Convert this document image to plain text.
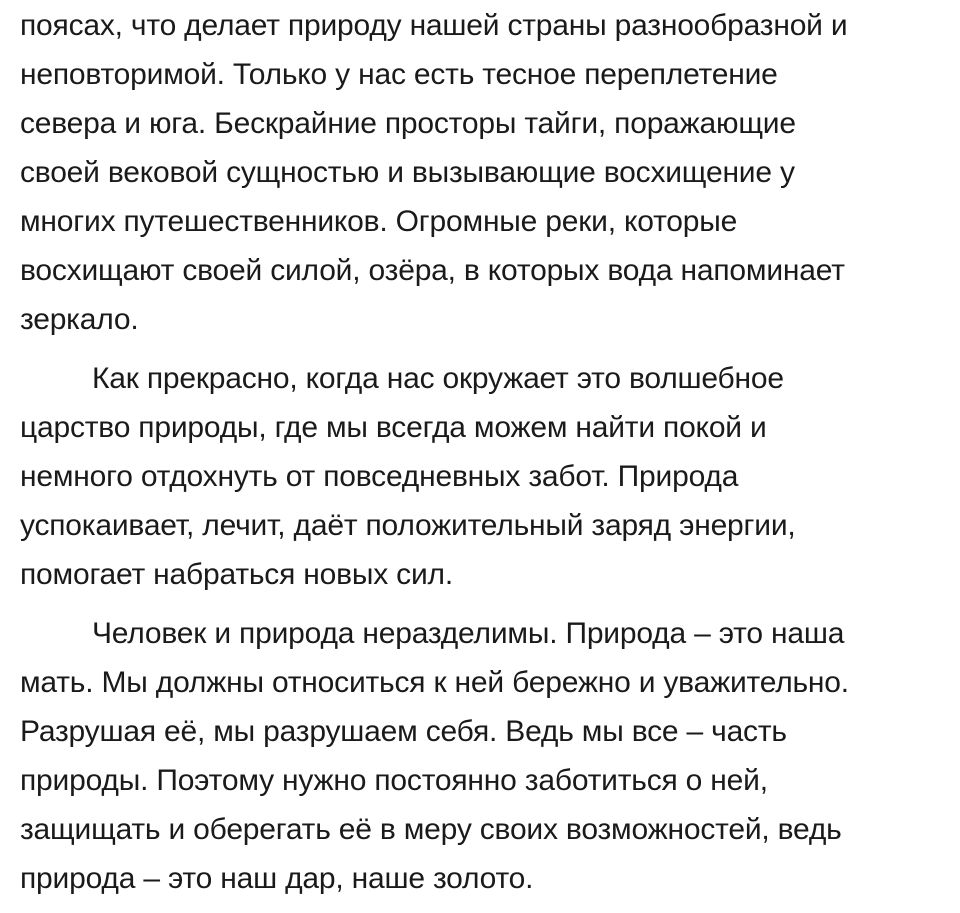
поясах, что делает природу нашей страны разнообразной и
неповторимой. Только у нас есть тесное переплетение
севера и юга. Бескрайние просторы тайги, поражающие
своей вековой сущностью и вызывающие восхищение у
многих путешественников. Огромные реки, которые
восхищают своей силой, озёра, в которых вода напоминает
зеркало.
Как прекрасно, когда нас окружает это волшебное
царство природы, где мы всегда можем найти покой и
немного отдохнуть от повседневных забот. Природа
успокаивает, лечит, даёт положительный заряд энергии,
помогает набраться новых сил.
Человек и природа неразделимы. Природа – это наша
мать. Мы должны относиться к ней бережно и уважительно.
Разрушая её, мы разрушаем себя. Ведь мы все – часть
природы. Поэтому нужно постоянно заботиться о ней,
защищать и оберегать её в меру своих возможностей, ведь
природа – это наш дар, наше золото.
